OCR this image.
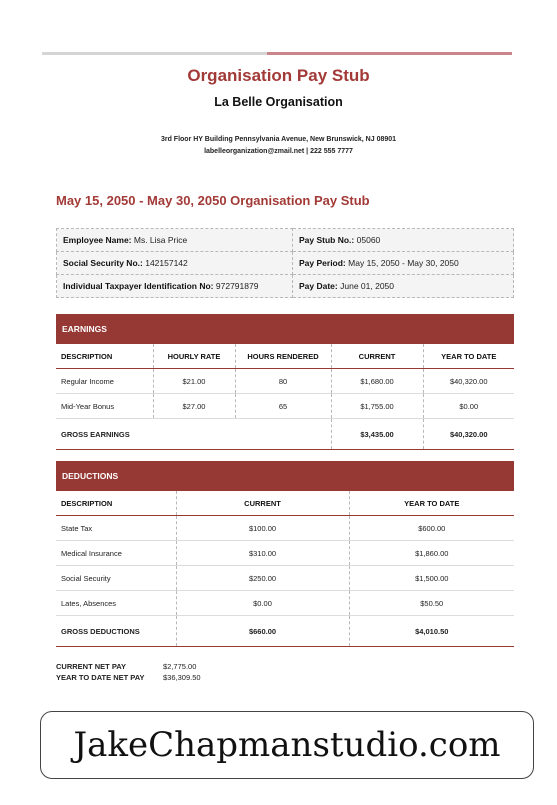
Organisation Pay Stub
La Belle Organisation
3rd Floor HY Building Pennsylvania Avenue, New Brunswick, NJ 08901
labelleorganization@zmail.net | 222 555 7777
May 15, 2050 - May 30, 2050 Organisation Pay Stub
Employee Name: Ms. Lisa Price	Pay Stub No.: 05060
Social Security No.: 142157142	Pay Period: May 15, 2050 - May 30, 2050
Individual Taxpayer Identification No: 972791879	Pay Date: June 01, 2050
EARNINGS
DESCRIPTION	HOURLY RATE	HOURS RENDERED	CURRENT	YEAR TO DATE
Regular Income	$21.00	80	$1,680.00	$40,320.00
Mid-Year Bonus	$27.00	65	$1,755.00	$0.00
GROSS EARNINGS			$3,435.00	$40,320.00
DEDUCTIONS
DESCRIPTION	CURRENT	YEAR TO DATE
State Tax	$100.00	$600.00
Medical Insurance	$310.00	$1,860.00
Social Security	$250.00	$1,500.00
Lates, Absences	$0.00	$50.50
GROSS DEDUCTIONS	$660.00	$4,010.50
CURRENT NET PAY	$2,775.00
YEAR TO DATE NET PAY	$36,309.50
JakeChapmanstudio.com
